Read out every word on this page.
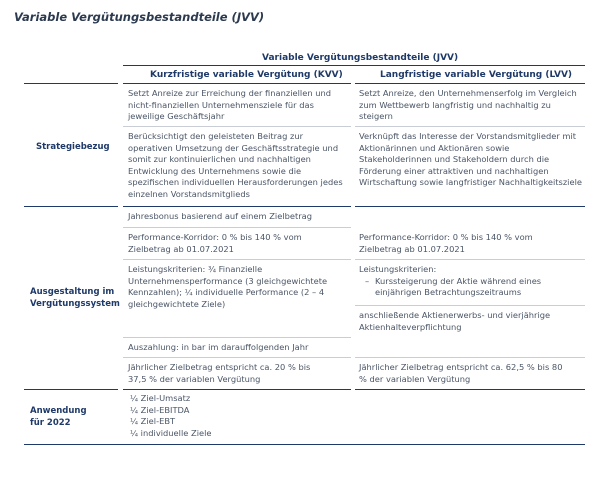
Variable Vergütungsbestandteile (JVV)
Variable Vergütungsbestandteile (JVV)
Kurzfristige variable Vergütung (KVV)	Langfristige variable Vergütung (LVV)
Strategiebezug
Setzt Anreize zur Erreichung der finanziellen und nicht-finanziellen Unternehmensziele für das jeweilige Geschäftsjahr
Setzt Anreize, den Unternehmenserfolg im Vergleich zum Wettbewerb langfristig und nachhaltig zu steigern
Berücksichtigt den geleisteten Beitrag zur operativen Umsetzung der Geschäftsstrategie und somit zur kontinuierlichen und nachhaltigen Entwicklung des Unternehmens sowie die spezifischen individuellen Herausforderungen jedes einzelnen Vorstandsmitglieds
Verknüpft das Interesse der Vorstandsmitglieder mit Aktionärinnen und Aktionären sowie Stakeholderinnen und Stakeholdern durch die Förderung einer attraktiven und nachhaltigen Wirtschaftung sowie langfristiger Nachhaltigkeitsziele
Ausgestaltung im
Vergütungssystem
Jahresbonus basierend auf einem Zielbetrag
Performance-Korridor: 0 % bis 140 % vom Zielbetrag ab 01.07.2021
Performance-Korridor: 0 % bis 140 % vom Zielbetrag ab 01.07.2021
Leistungskriterien: ¾ Finanzielle Unternehmensperformance (3 gleichgewichtete Kennzahlen); ¼ individuelle Performance (2 – 4 gleichgewichtete Ziele)
Leistungskriterien:
– Kurssteigerung der Aktie während eines einjährigen Betrachtungszeitraums
anschließende Aktienerwerbs- und vierjährige Aktienhalteverpflichtung
Auszahlung: in bar im darauffolgenden Jahr
Jährlicher Zielbetrag entspricht ca. 20 % bis 37,5 % der variablen Vergütung
Jährlicher Zielbetrag entspricht ca. 62,5 % bis 80 % der variablen Vergütung
Anwendung
für 2022
¼ Ziel-Umsatz
¼ Ziel-EBITDA
¼ Ziel-EBT
¼ individuelle Ziele
